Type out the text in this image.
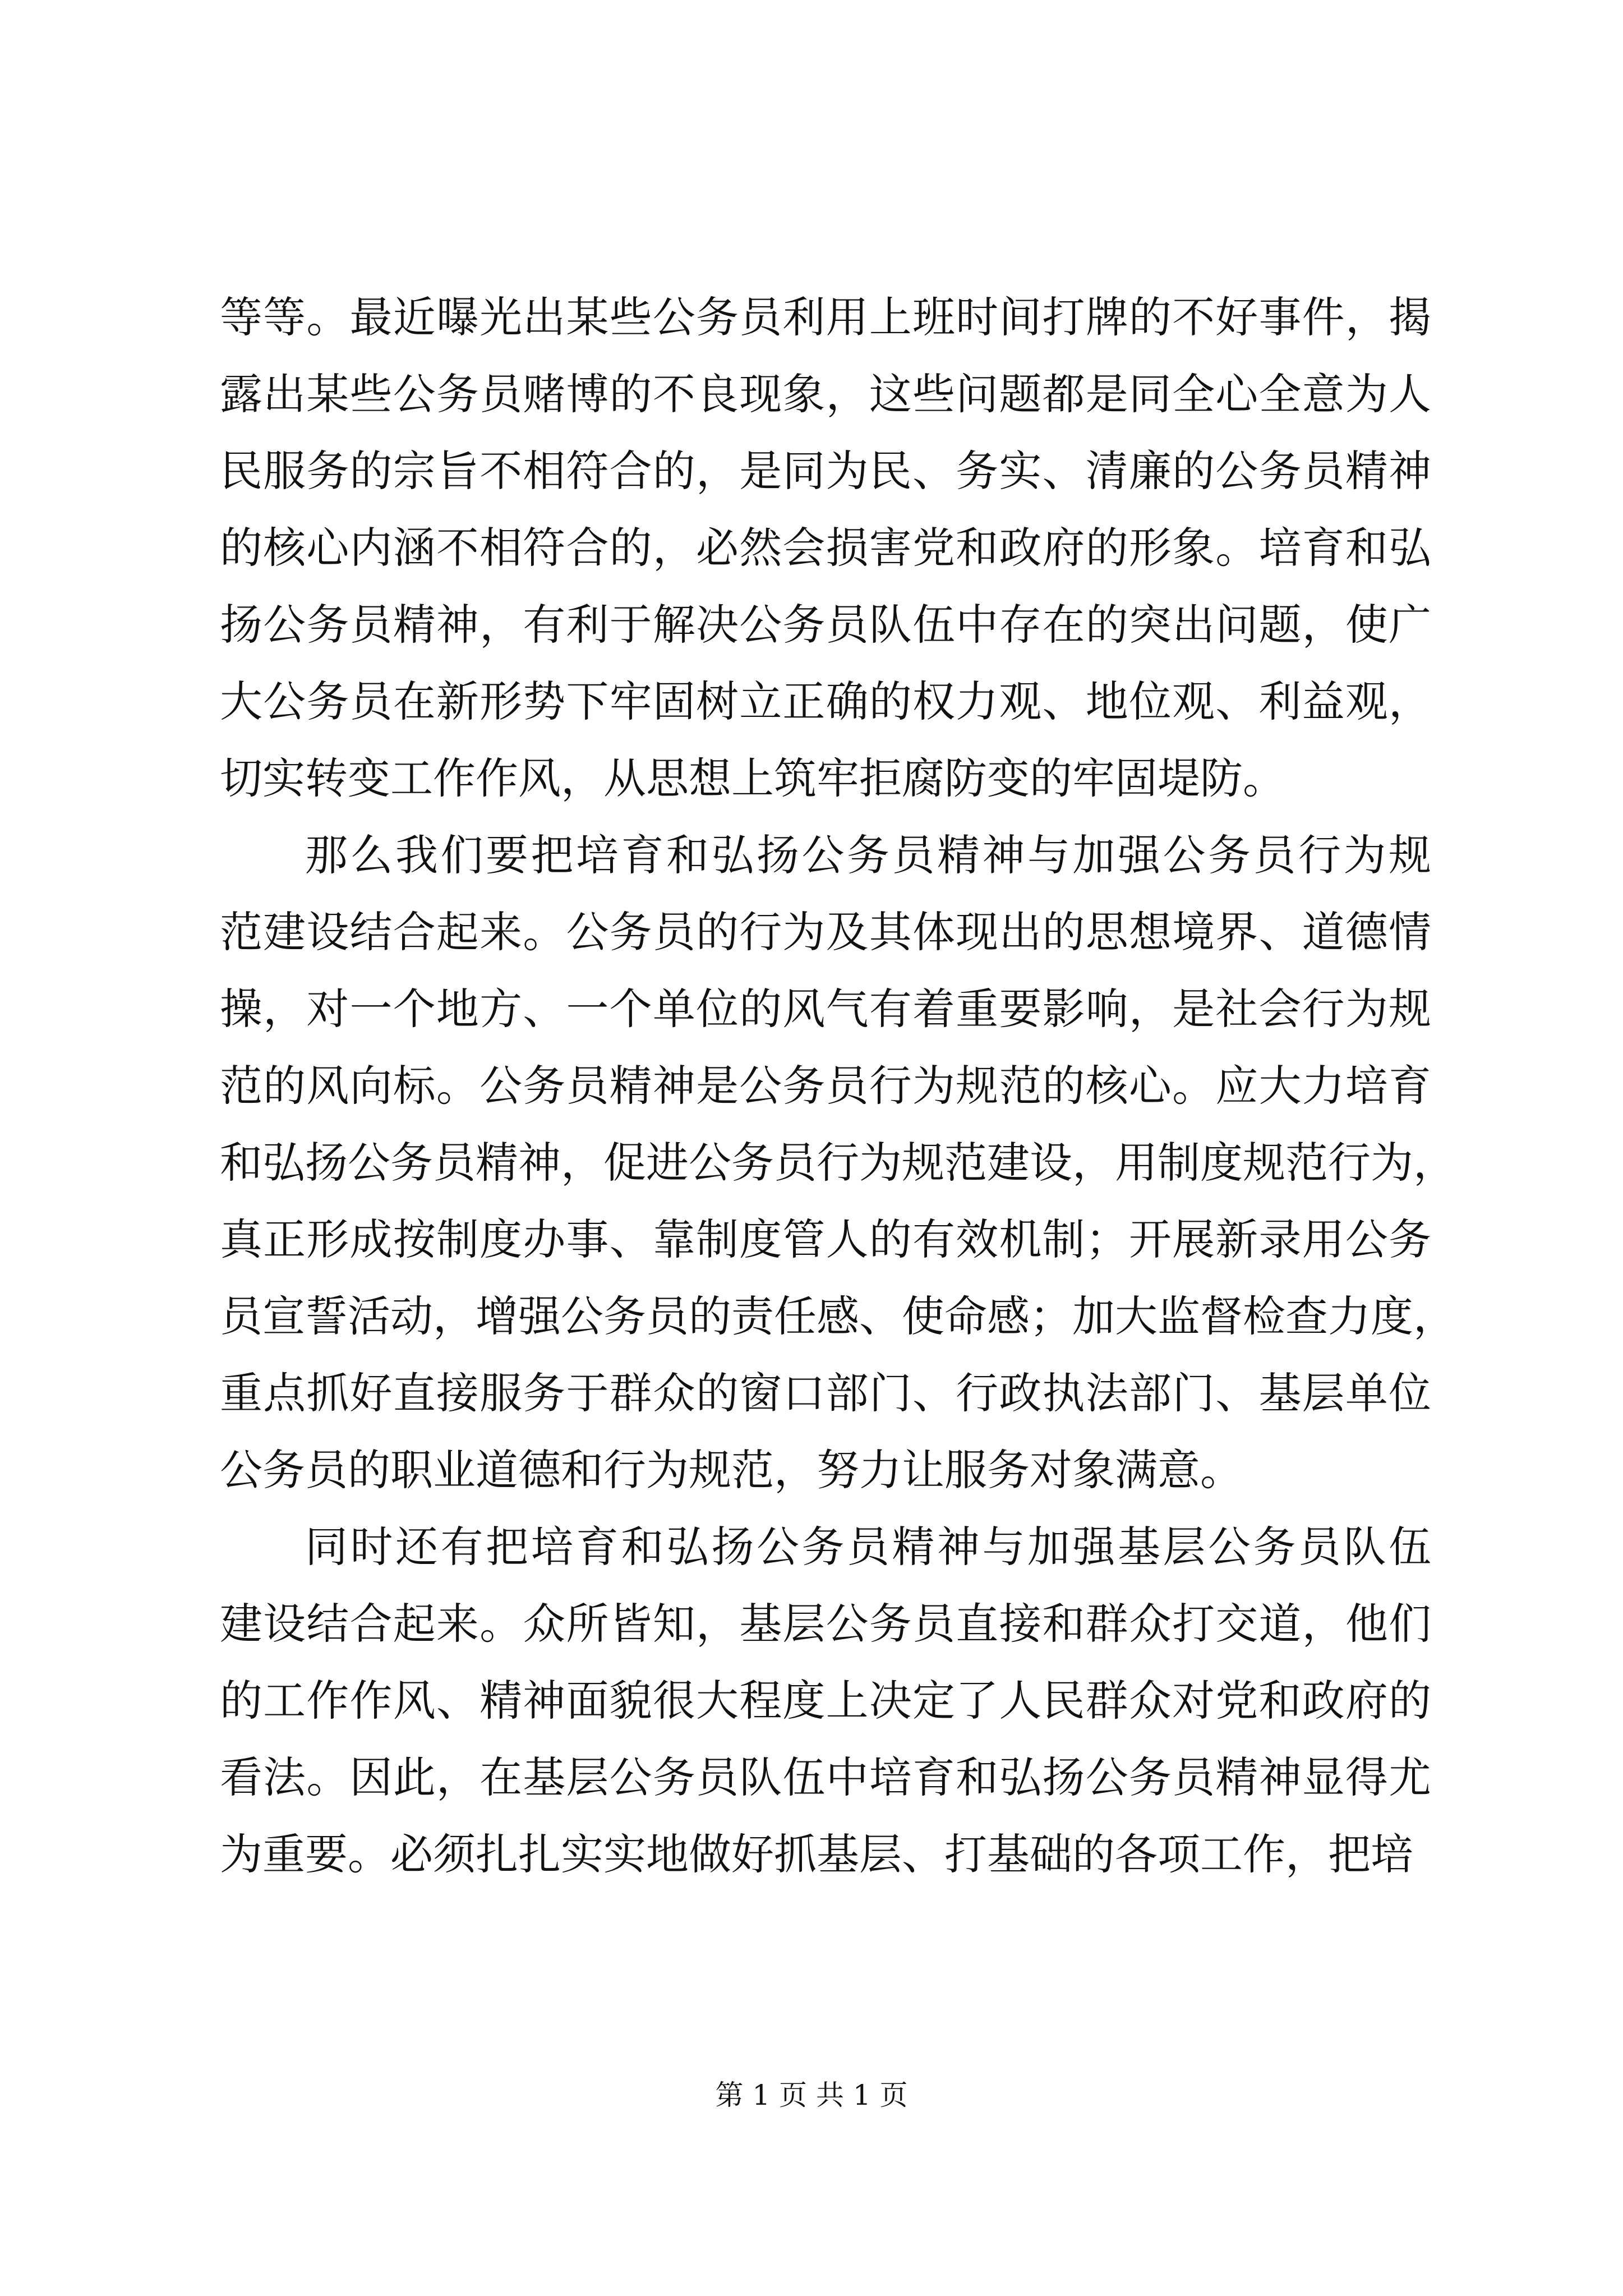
等等。最近曝光出某些公务员利用上班时间打牌的不好事件，揭
露出某些公务员赌博的不良现象，这些问题都是同全心全意为人
民服务的宗旨不相符合的，是同为民、务实、清廉的公务员精神
的核心内涵不相符合的，必然会损害党和政府的形象。培育和弘
扬公务员精神，有利于解决公务员队伍中存在的突出问题，使广
大公务员在新形势下牢固树立正确的权力观、地位观、利益观，
切实转变工作作风，从思想上筑牢拒腐防变的牢固堤防。
那么我们要把培育和弘扬公务员精神与加强公务员行为规
范建设结合起来。公务员的行为及其体现出的思想境界、道德情
操，对一个地方、一个单位的风气有着重要影响，是社会行为规
范的风向标。公务员精神是公务员行为规范的核心。应大力培育
和弘扬公务员精神，促进公务员行为规范建设，用制度规范行为，
真正形成按制度办事、靠制度管人的有效机制；开展新录用公务
员宣誓活动，增强公务员的责任感、使命感；加大监督检查力度，
重点抓好直接服务于群众的窗口部门、行政执法部门、基层单位
公务员的职业道德和行为规范，努力让服务对象满意。
同时还有把培育和弘扬公务员精神与加强基层公务员队伍
建设结合起来。众所皆知，基层公务员直接和群众打交道，他们
的工作作风、精神面貌很大程度上决定了人民群众对党和政府的
看法。因此，在基层公务员队伍中培育和弘扬公务员精神显得尤
为重要。必须扎扎实实地做好抓基层、打基础的各项工作，把培
第 1 页 共 1 页
